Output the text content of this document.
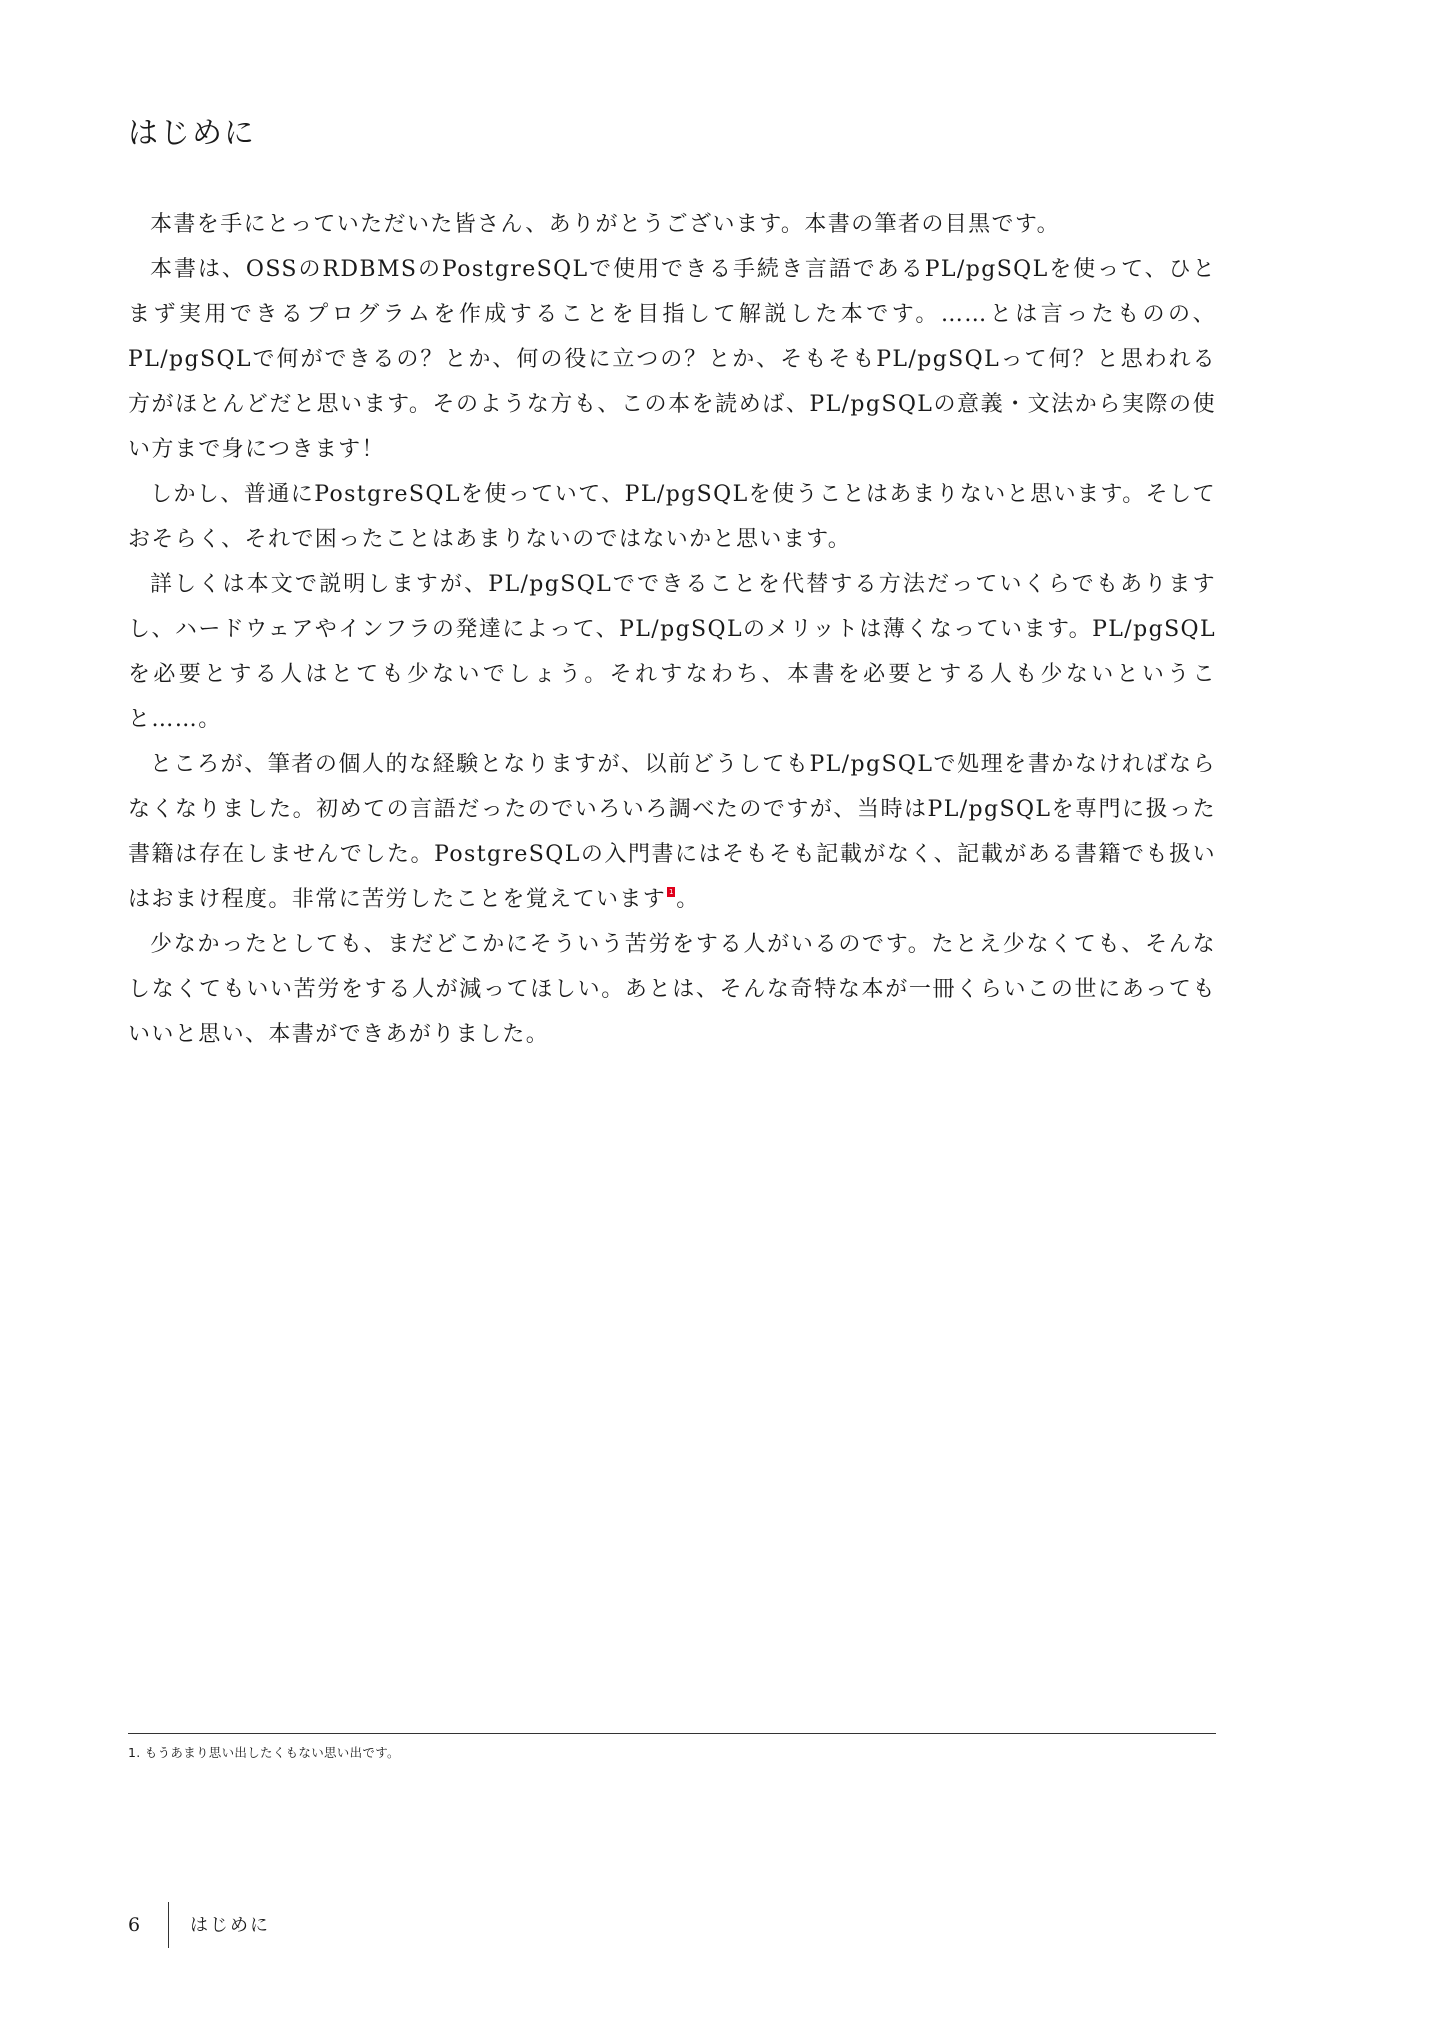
はじめに

本書を手にとっていただいた皆さん、ありがとうございます。本書の筆者の目黒です。

本書は、OSSのRDBMSのPostgreSQLで使用できる手続き言語であるPL/pgSQLを使って、ひとまず実用できるプログラムを作成することを目指して解説した本です。……とは言ったものの、PL/pgSQLで何ができるの？とか、何の役に立つの？とか、そもそもPL/pgSQLって何？と思われる方がほとんどだと思います。そのような方も、この本を読めば、PL/pgSQLの意義・文法から実際の使い方まで身につきます！

しかし、普通にPostgreSQLを使っていて、PL/pgSQLを使うことはあまりないと思います。そしておそらく、それで困ったことはあまりないのではないかと思います。

詳しくは本文で説明しますが、PL/pgSQLでできることを代替する方法だっていくらでもありますし、ハードウェアやインフラの発達によって、PL/pgSQLのメリットは薄くなっています。PL/pgSQLを必要とする人はとても少ないでしょう。それすなわち、本書を必要とする人も少ないということ……。

ところが、筆者の個人的な経験となりますが、以前どうしてもPL/pgSQLで処理を書かなければならなくなりました。初めての言語だったのでいろいろ調べたのですが、当時はPL/pgSQLを専門に扱った書籍は存在しませんでした。PostgreSQLの入門書にはそもそも記載がなく、記載がある書籍でも扱いはおまけ程度。非常に苦労したことを覚えています 1 。

少なかったとしても、まだどこかにそういう苦労をする人がいるのです。たとえ少なくても、そんなしなくてもいい苦労をする人が減ってほしい。あとは、そんな奇特な本が一冊くらいこの世にあってもいいと思い、本書ができあがりました。

1. もうあまり思い出したくもない思い出です。
6	はじめに
